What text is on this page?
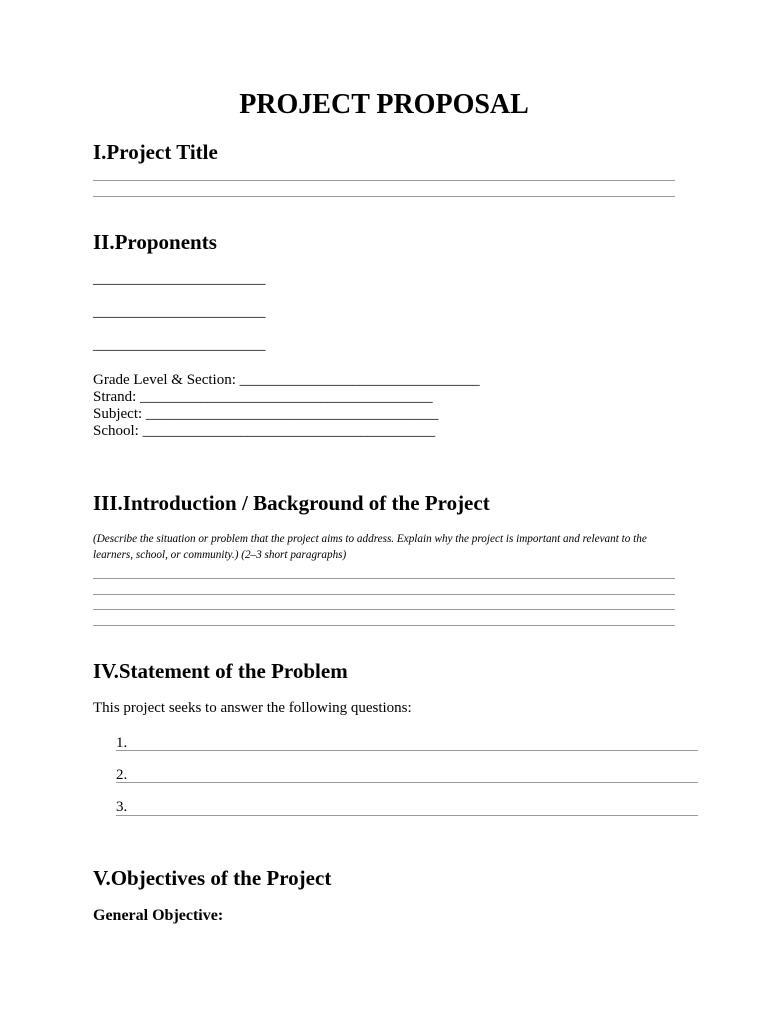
PROJECT PROPOSAL
I.Project Title
II.Proponents
_______________________
_______________________
_______________________
Grade Level & Section: ________________________________
Strand: _______________________________________
Subject: _______________________________________
School: _______________________________________
III.Introduction / Background of the Project
(Describe the situation or problem that the project aims to address. Explain why the project is important and relevant to the
learners, school, or community.) (2–3 short paragraphs)
IV.Statement of the Problem

This project seeks to answer the following questions:

1.
2.
3.
V.Objectives of the Project
General Objective:
